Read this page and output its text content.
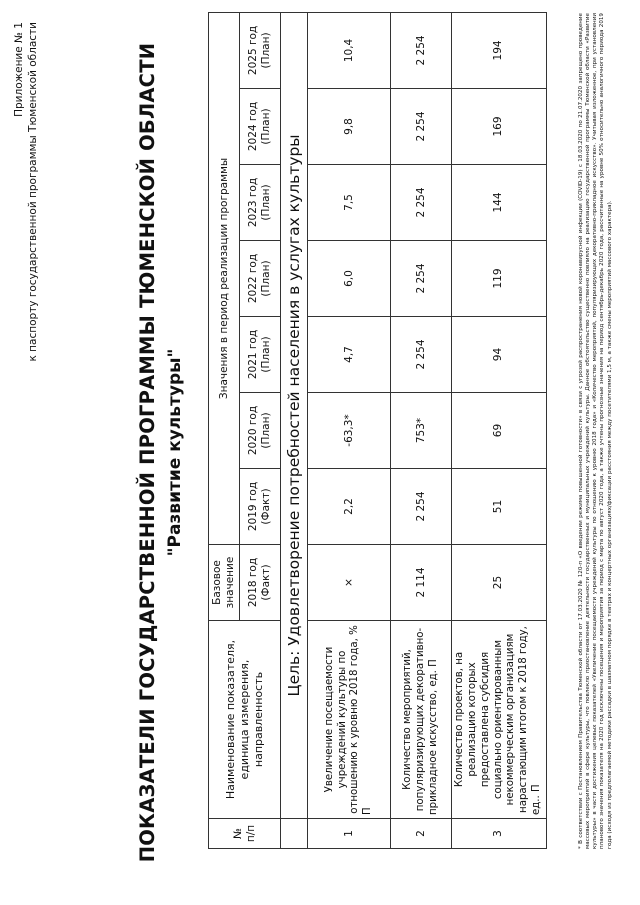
Приложение № 1 к паспорту государственной программы Тюменской области	ПОКАЗАТЕЛИ ГОСУДАРСТВЕННОЙ ПРОГРАММЫ ТЮМЕНСКОЙ ОБЛАСТИ "Развитие культуры"
№ п/п	Наименование показателя, единица измерения, направленность	Базовое значение	Значения в период реализации программы						
		2018 год (Факт)	2019 год (Факт)	2020 год (План)	2021 год (План)	2022 год (План)	2023 год (План)	2024 год (План)	2025 год (План)
	Цель: Удовлетворение потребностей населения в услугах культуры								
1	Увеличение посещаемости учреждений культуры по отношению к уровню 2018 года, % П	×	2,2	-63,3*	4,7	6,0	7,5	9,8	10,4
2	Количество мероприятий, популяризирующих декоративно-прикладное искусство, ед. П	2 114	2 254	753*	2 254	2 254	2 254	2 254	2 254
3	Количество проектов, на реализацию которых предоставлена субсидия социально ориентированным некоммерческим организациям нарастающим итогом к 2018 году, ед.. П	25	51	69	94	119	144	169	194	* В соответствии с Постановлением Правительства Тюменской области от 17.03.2020 № 120-п «О введении режима повышенной готовности» в связи с угрозой распространения новой коронавирусной инфекции (COVID-19) с 18.03.2020 по 21.07.2020 запрещено проведение массовых мероприятий в сфере культуры, что повлекло приостановление деятельности государственных и муниципальных учреждений культуры. Данное обстоятельство существенно повлияло на реализацию государственной программы Тюменской области «Развитие культуры» в части достижения целевых показателей «Увеличение посещаемости учреждений культуры по отношению к уровню 2018 года» и «Количество мероприятий, популяризирующих декоративно-прикладное искусство». Учитывая изложенное, при установлении планового значения показателя на 2020 год исключены посещения и мероприятия за период с марта по август 2020 года, а также учтены прогнозные значения на период сентябрь-декабрь 2020 года, рассчитанные на уровне 50% относительно аналогичного периода 2019 года (исходя из предполагаемой методики рассадки в шахматном порядке в театрах и концертных организациях/фиксации расстояния между посетителями 1,5 м, а также смены мероприятий массового характера).
